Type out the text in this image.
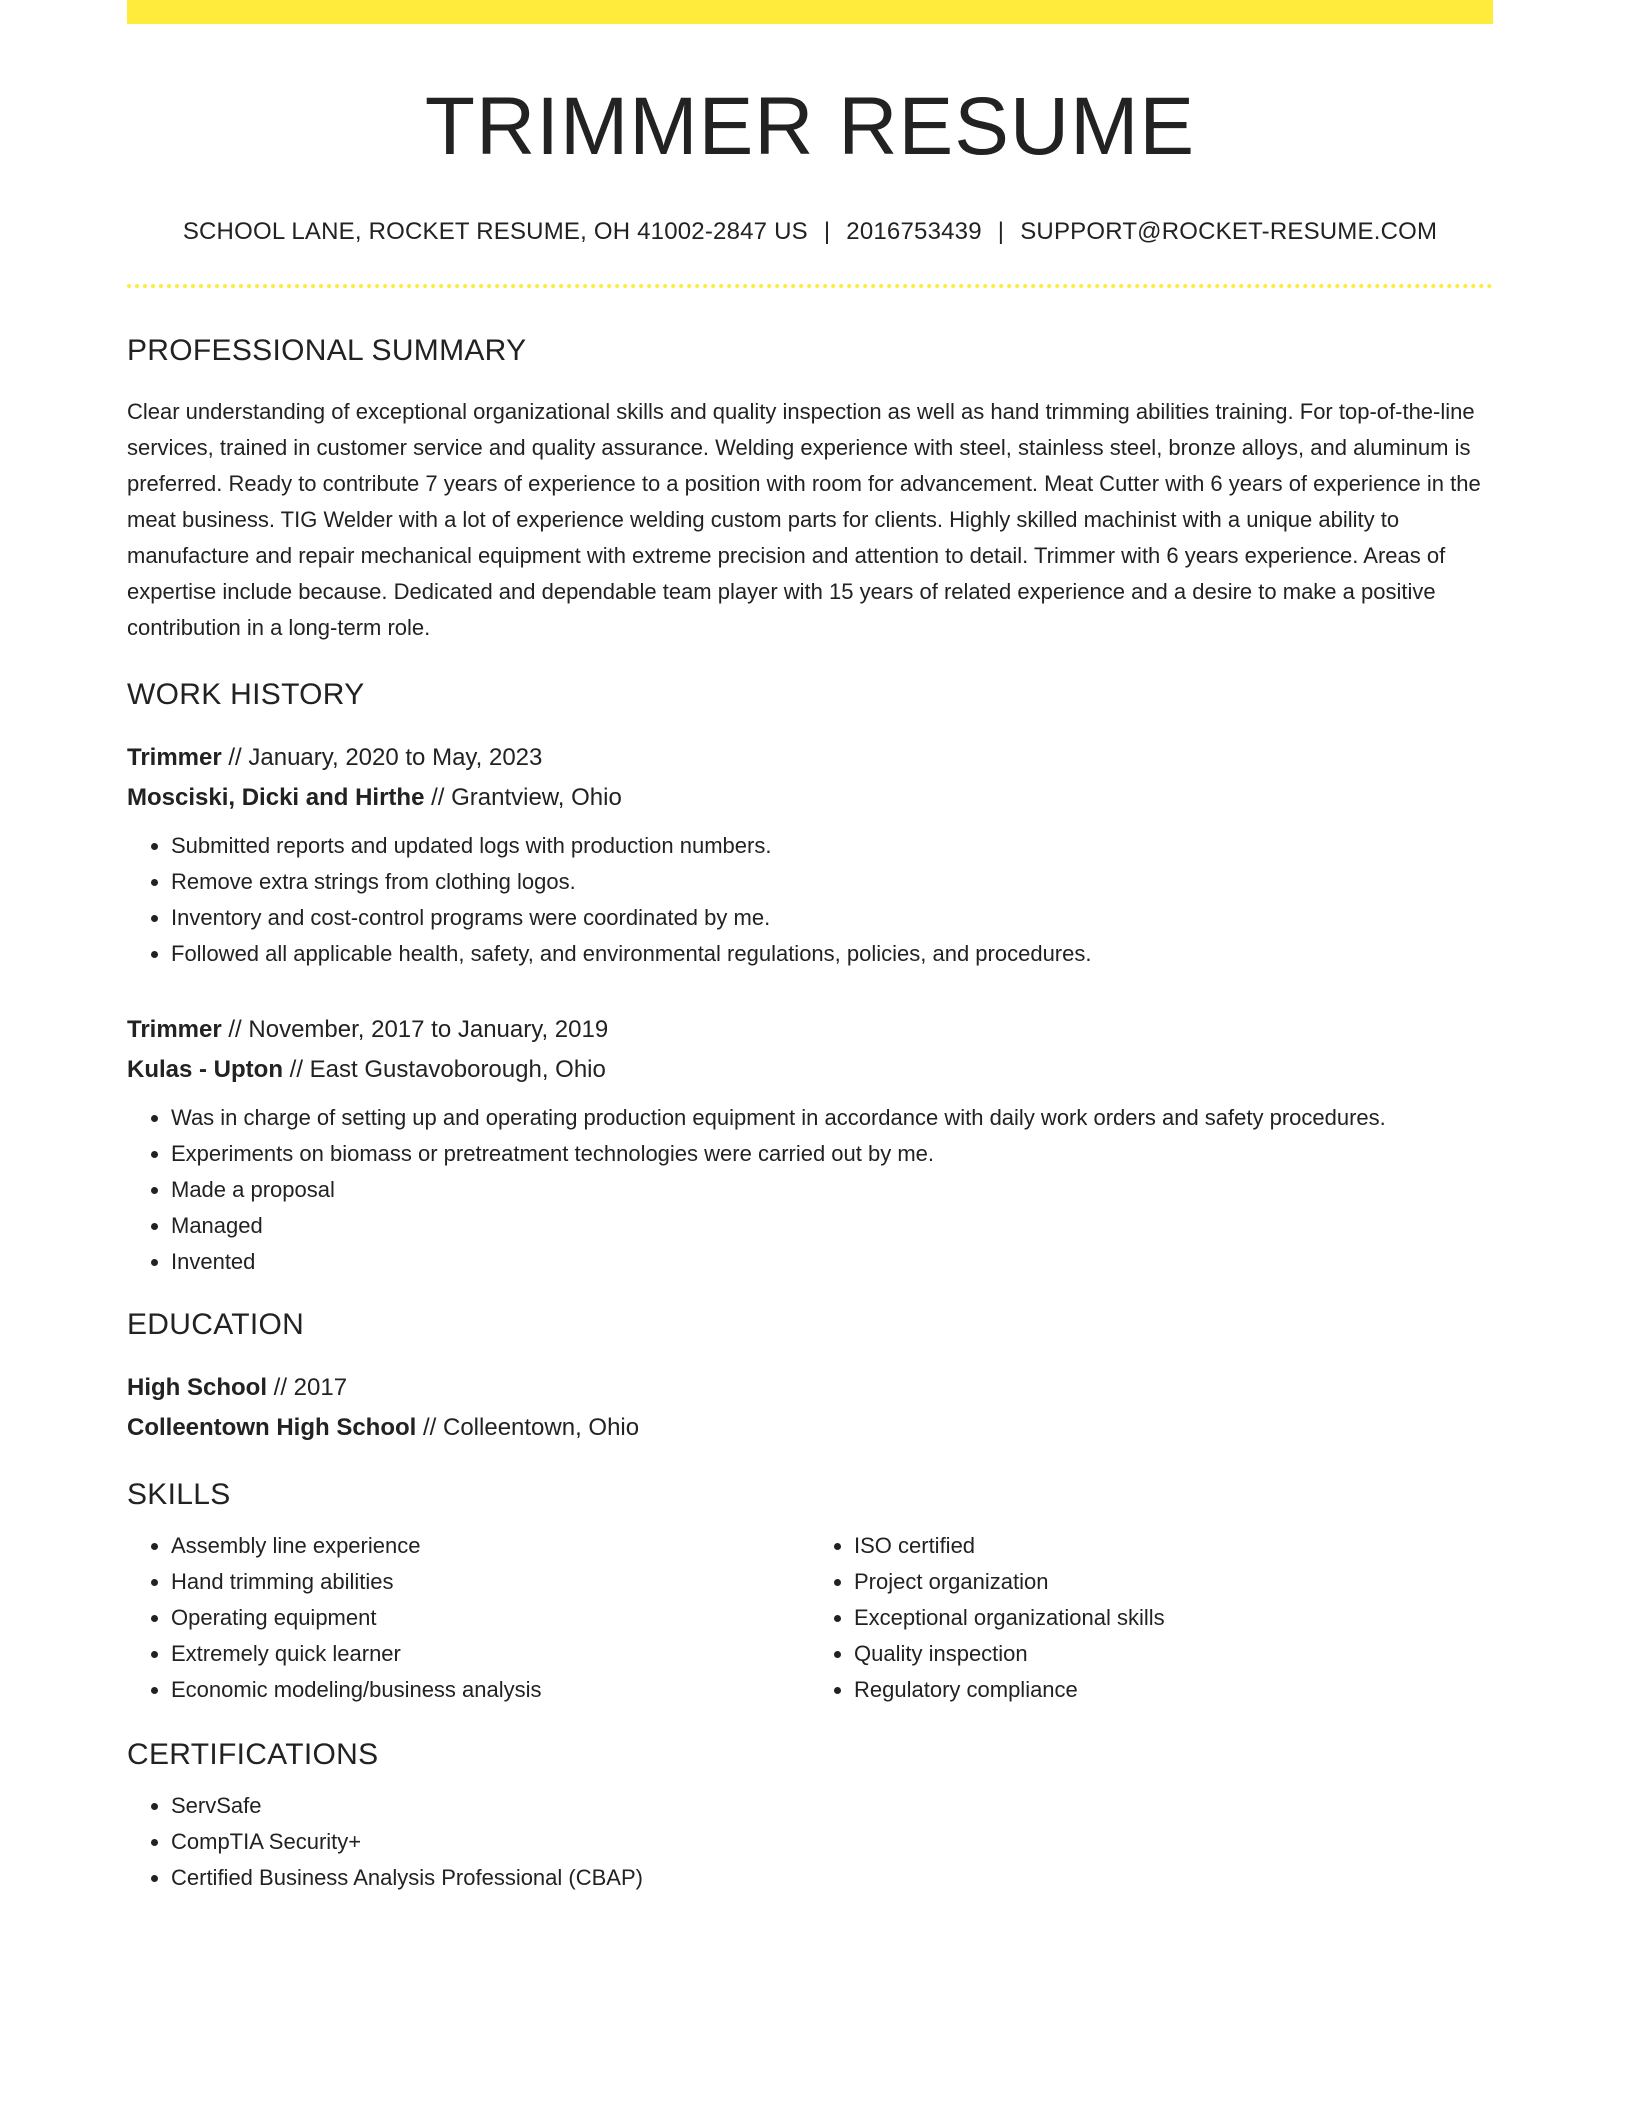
TRIMMER RESUME
SCHOOL LANE, ROCKET RESUME, OH 41002-2847 US | 2016753439 | SUPPORT@ROCKET-RESUME.COM
PROFESSIONAL SUMMARY
Clear understanding of exceptional organizational skills and quality inspection as well as hand trimming abilities training. For top-of-the-line services, trained in customer service and quality assurance. Welding experience with steel, stainless steel, bronze alloys, and aluminum is preferred. Ready to contribute 7 years of experience to a position with room for advancement. Meat Cutter with 6 years of experience in the meat business. TIG Welder with a lot of experience welding custom parts for clients. Highly skilled machinist with a unique ability to manufacture and repair mechanical equipment with extreme precision and attention to detail. Trimmer with 6 years experience. Areas of expertise include because. Dedicated and dependable team player with 15 years of related experience and a desire to make a positive contribution in a long-term role.
WORK HISTORY
Trimmer // January, 2020 to May, 2023
Mosciski, Dicki and Hirthe // Grantview, Ohio
• Submitted reports and updated logs with production numbers.
• Remove extra strings from clothing logos.
• Inventory and cost-control programs were coordinated by me.
• Followed all applicable health, safety, and environmental regulations, policies, and procedures.
Trimmer // November, 2017 to January, 2019
Kulas - Upton // East Gustavoborough, Ohio
• Was in charge of setting up and operating production equipment in accordance with daily work orders and safety procedures.
• Experiments on biomass or pretreatment technologies were carried out by me.
• Made a proposal
• Managed
• Invented
EDUCATION
High School // 2017
Colleentown High School // Colleentown, Ohio
SKILLS
• Assembly line experience
• Hand trimming abilities
• Operating equipment
• Extremely quick learner
• Economic modeling/business analysis
• ISO certified
• Project organization
• Exceptional organizational skills
• Quality inspection
• Regulatory compliance
CERTIFICATIONS
• ServSafe
• CompTIA Security+
• Certified Business Analysis Professional (CBAP)
